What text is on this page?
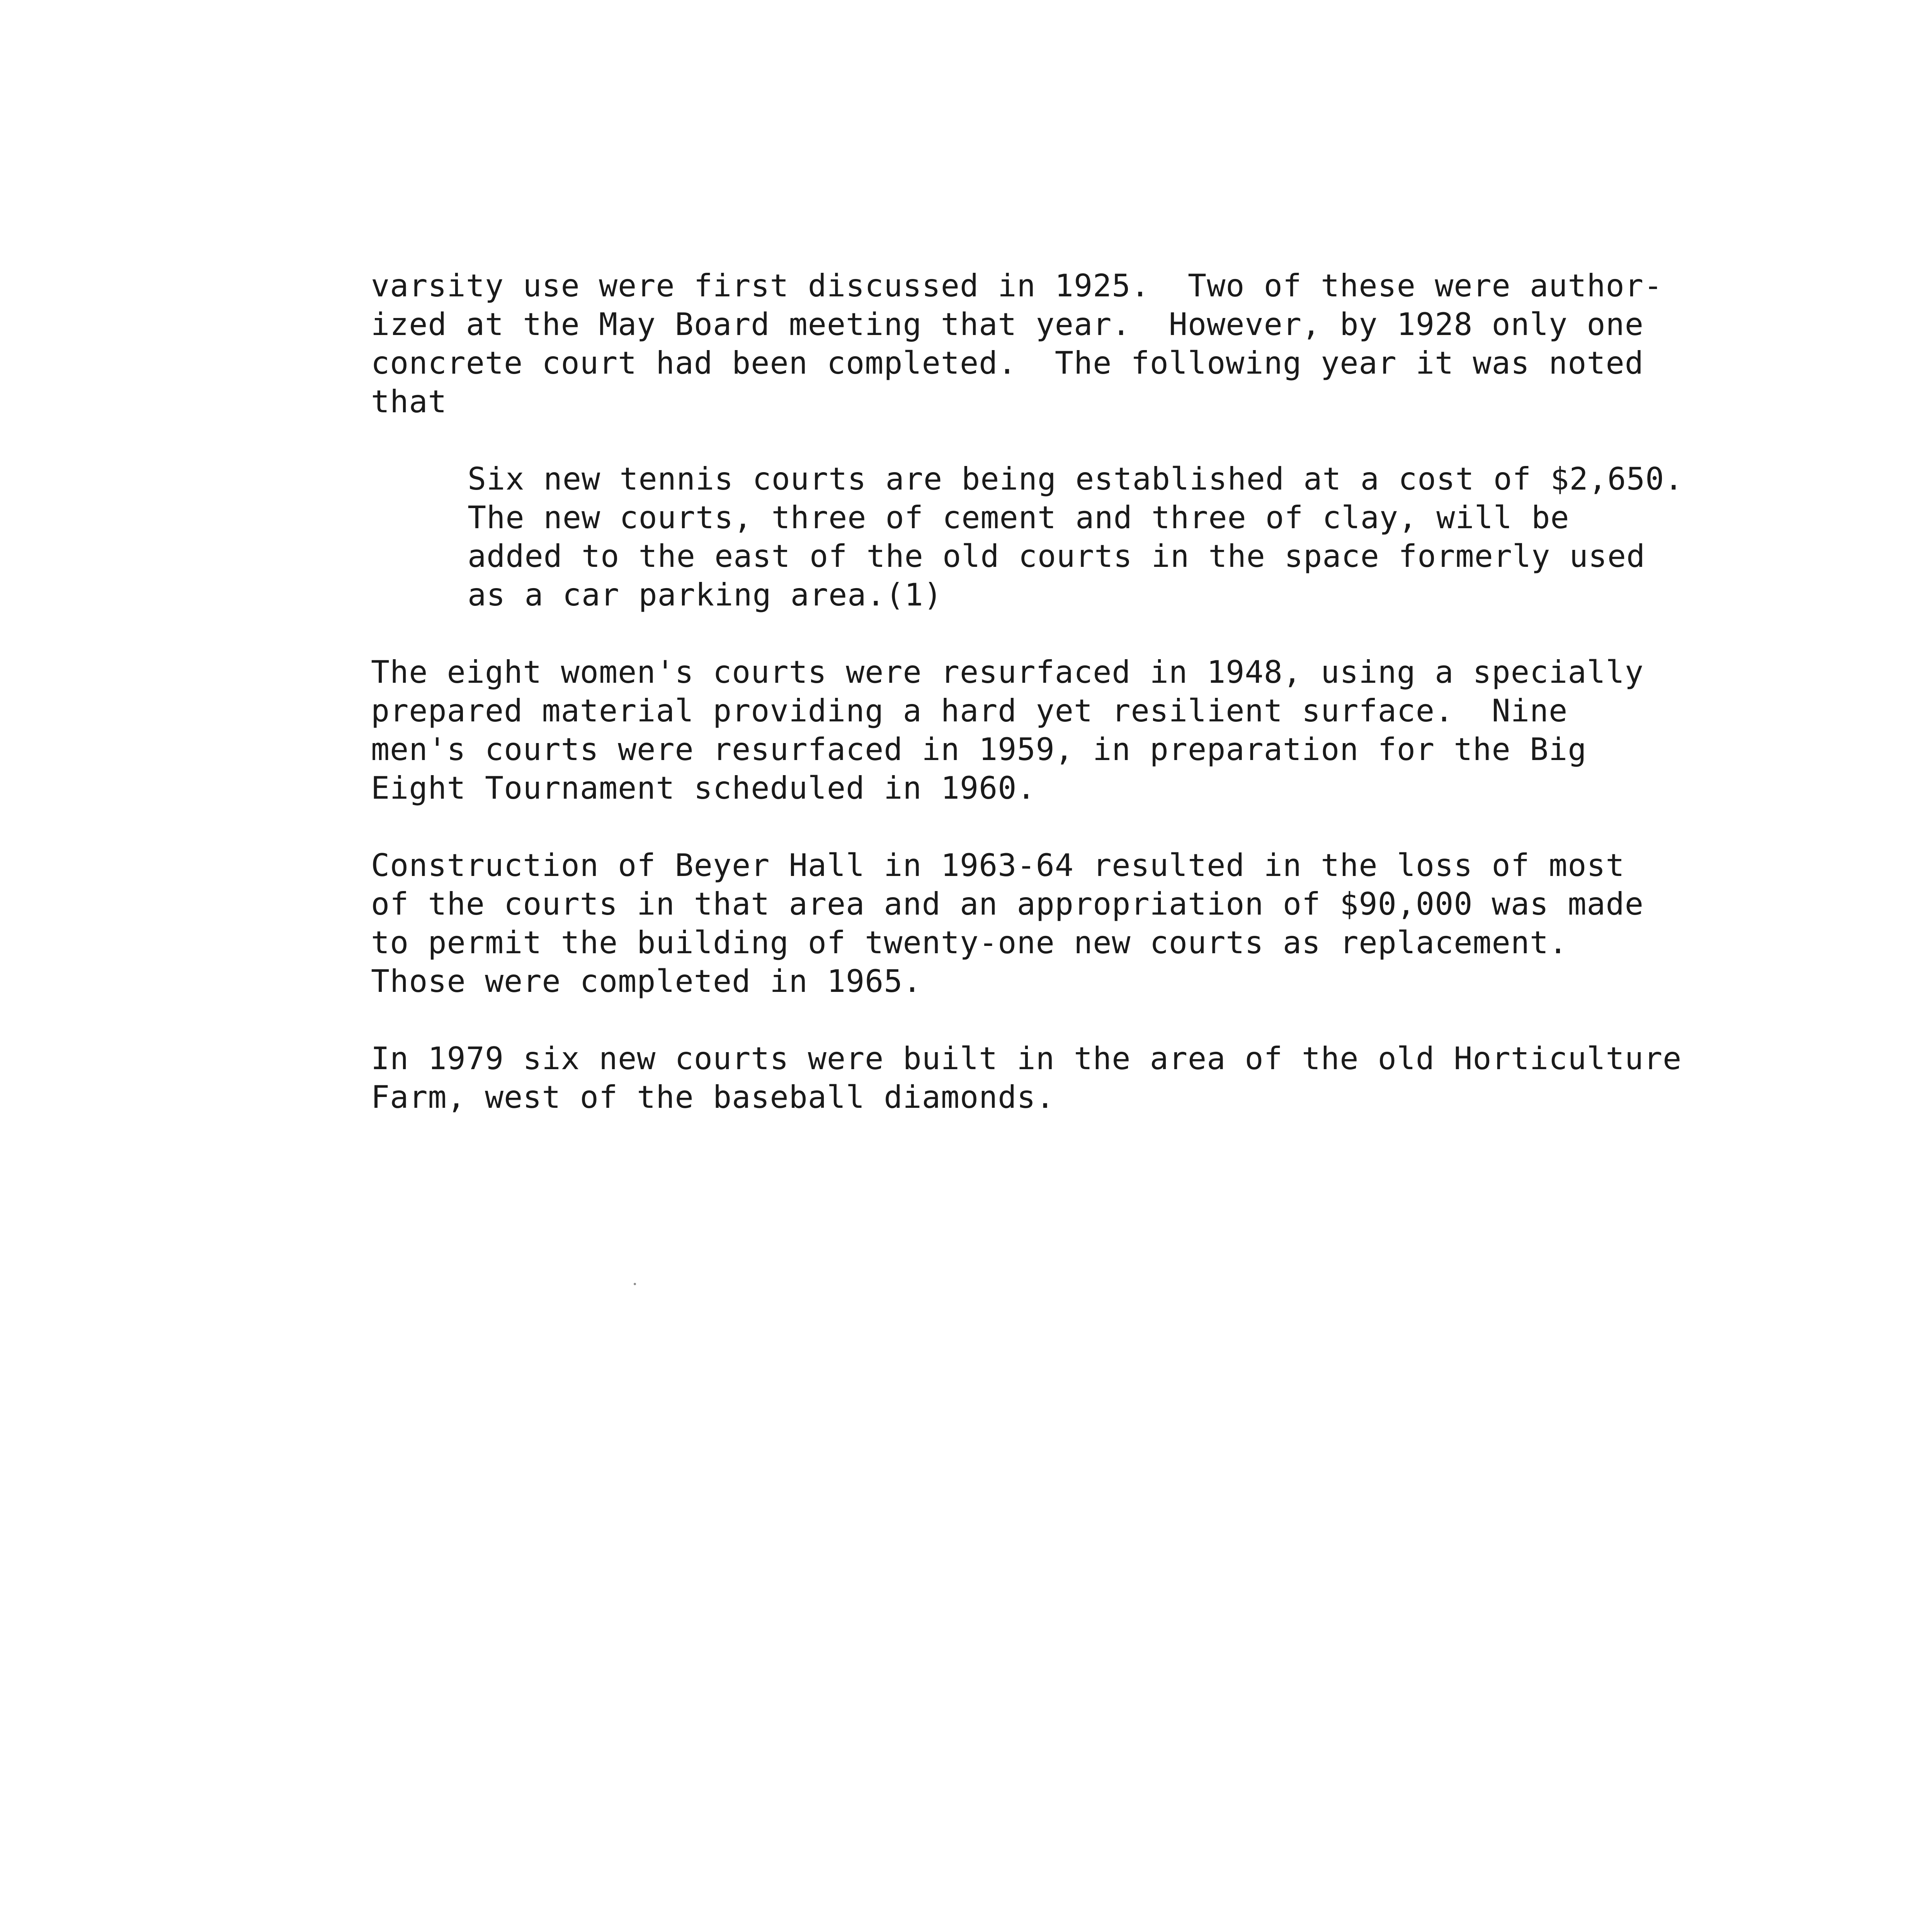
varsity use were first discussed in 1925.  Two of these were author-

ized at the May Board meeting that year.  However, by 1928 only one

concrete court had been completed.  The following year it was noted

that

Six new tennis courts are being established at a cost of $2,650.

The new courts, three of cement and three of clay, will be

added to the east of the old courts in the space formerly used

as a car parking area.(1)

The eight women's courts were resurfaced in 1948, using a specially

prepared material providing a hard yet resilient surface.  Nine

men's courts were resurfaced in 1959, in preparation for the Big

Eight Tournament scheduled in 1960.

Construction of Beyer Hall in 1963-64 resulted in the loss of most

of the courts in that area and an appropriation of $90,000 was made

to permit the building of twenty-one new courts as replacement.

Those were completed in 1965.

In 1979 six new courts were built in the area of the old Horticulture

Farm, west of the baseball diamonds.
